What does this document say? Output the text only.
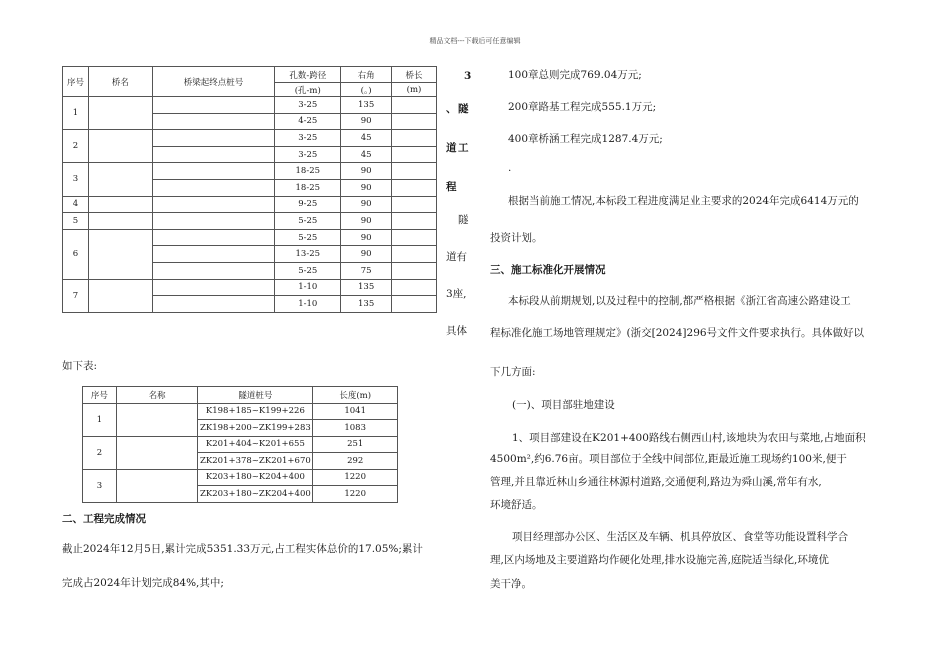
精品文档---下载后可任意编辑
序号	桥名	桥梁起终点桩号	孔数-跨径	右角	桥长
			(孔-m)	(。)	(m)
1			3-25	135	
			4-25	90	
2			3-25	45	
			3-25	45	
3			18-25	90	
			18-25	90	
4			9-25	90	
5			5-25	90	
6			5-25	90	
			13-25	90	
			5-25	75	
7			1-10	135	
			1-10	135	
3
、 隧
道 工
程
隧
道有
3座,
具体
如下表:
序号	名称	隧道桩号	长度(m)
1		K198+185~K199+226	1041
		ZK198+200~ZK199+283	1083
2		K201+404~K201+655	251
		ZK201+378~ZK201+670	292
3		K203+180~K204+400	1220
		ZK203+180~ZK204+400	1220
二、工程完成情况
截止2024年12月5日,累计完成5351.33万元,占工程实体总价的17.05%;累计
完成占2024年计划完成84%,其中;
100章总则完成769.04万元;
200章路基工程完成555.1万元;
400章桥涵工程完成1287.4万元;
.
根据当前施工情况,本标段工程进度满足业主要求的2024年完成6414万元的
投资计划。
三、施工标准化开展情况
本标段从前期规划,以及过程中的控制,都严格根据《浙江省高速公路建设工
程标准化施工场地管理规定》(浙交[2024]296号文件文件要求执行。具体做好以
下几方面:
(一)、项目部驻地建设
1、项目部建设在K201+400路线右侧西山村,该地块为农田与菜地,占地面积
4500m²,约6.76亩。项目部位于全线中间部位,距最近施工现场约100米,便于
管理,并且靠近林山乡通往林源村道路,交通便利,路边为舜山溪,常年有水,
环境舒适。
项目经理部办公区、生活区及车辆、机具停放区、食堂等功能设置科学合
理,区内场地及主要道路均作硬化处理,排水设施完善,庭院适当绿化,环境优
美干净。
